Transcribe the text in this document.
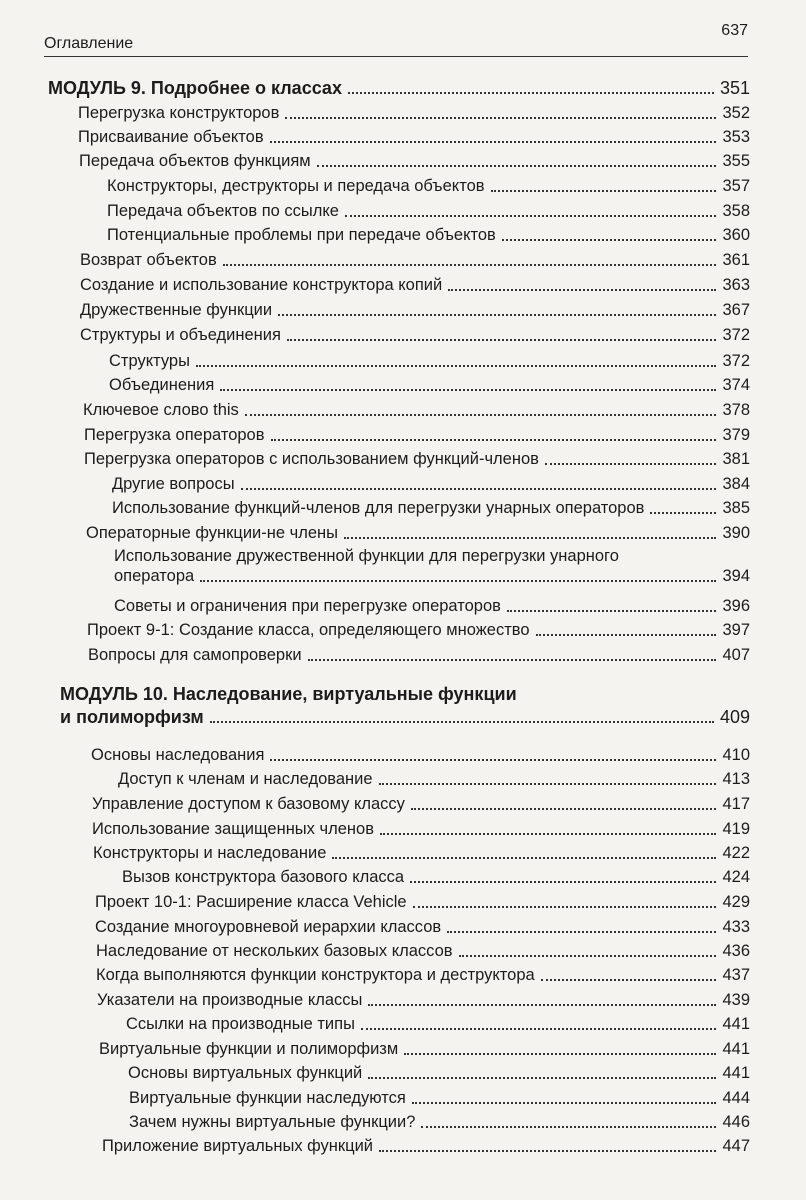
Оглавление
637
МОДУЛЬ 9. Подробнее о классах	351
Перегрузка конструкторов	352
Присваивание объектов	353
Передача объектов функциям	355
Конструкторы, деструкторы и передача объектов	357
Передача объектов по ссылке	358
Потенциальные проблемы при передаче объектов	360
Возврат объектов	361
Создание и использование конструктора копий	363
Дружественные функции	367
Структуры и объединения	372
Структуры	372
Объединения	374
Ключевое слово this	378
Перегрузка операторов	379
Перегрузка операторов с использованием функций-членов	381
Другие вопросы	384
Использование функций-членов для перегрузки унарных операторов	385
Операторные функции-не члены	390
Использование дружественной функции для перегрузки унарного
оператора	394
Советы и ограничения при перегрузке операторов	396
Проект 9-1: Создание класса, определяющего множество	397
Вопросы для самопроверки	407
МОДУЛЬ 10. Наследование, виртуальные функции
и полиморфизм	409
Основы наследования	410
Доступ к членам и наследование	413
Управление доступом к базовому классу	417
Использование защищенных членов	419
Конструкторы и наследование	422
Вызов конструктора базового класса	424
Проект 10-1: Расширение класса Vehicle	429
Создание многоуровневой иерархии классов	433
Наследование от нескольких базовых классов	436
Когда выполняются функции конструктора и деструктора	437
Указатели на производные классы	439
Ссылки на производные типы	441
Виртуальные функции и полиморфизм	441
Основы виртуальных функций	441
Виртуальные функции наследуются	444
Зачем нужны виртуальные функции?	446
Приложение виртуальных функций	447
